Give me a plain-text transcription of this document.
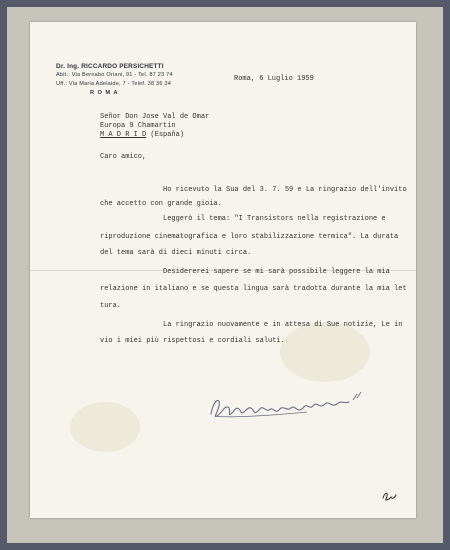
Dr. Ing. RICCARDO PERSICHETTI
Abit.: Via Bernabo Oriani, 91 - Tel. 87 23 74
Uff.: Via Maria Adelaide, 7 - Telef. 38 36 34
R O M A
Roma, 6 Luglio 1959
Señor Don Jose Val de Omar
Europa 9 Chamartin
M A D R I D (España)
Caro amico,
Ho ricevuto la Sua del 3. 7. 59 e La ringrazio dell'invito
che accetto con grande gioia.
Leggerò il tema: "I Transistors nella registrazione e
riproduzione cinematografica e loro stabilizzazione termica". La durata
del tema sarà di dieci minuti circa.
Desidererei sapere se mi sarà possibile leggere la mia
relazione in italiano e se questa lingua sarà tradotta durante la mia let
tura.
La ringrazio nuovamente e in attesa di Sue notizie, Le in
vio i miei più rispettosi e cordiali saluti.
